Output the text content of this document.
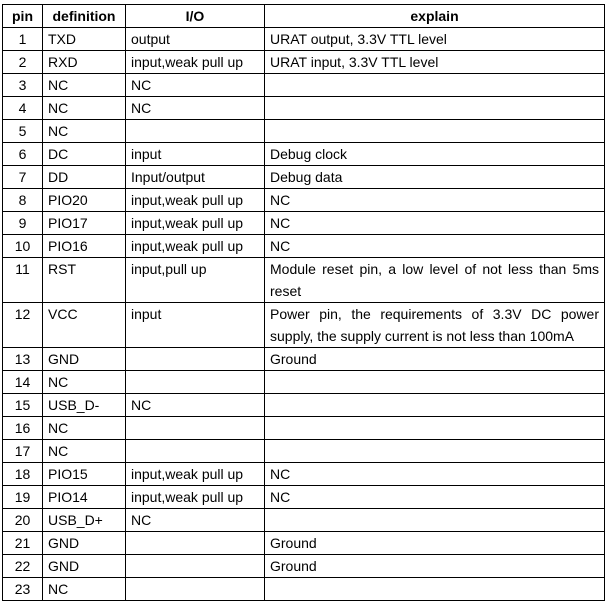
pin	definition	I/O	explain
1	TXD	output	URAT output, 3.3V TTL level
2	RXD	input,weak pull up	URAT input, 3.3V TTL level
3	NC	NC	
4	NC	NC	
5	NC		
6	DC	input	Debug clock
7	DD	Input/output	Debug data
8	PIO20	input,weak pull up	NC
9	PIO17	input,weak pull up	NC
10	PIO16	input,weak pull up	NC
11	RST	input,pull up	Module reset pin, a low level of not less than 5ms reset
12	VCC	input	Power pin, the requirements of 3.3V DC power supply, the supply current is not less than 100mA
13	GND		Ground
14	NC		
15	USB_D-	NC	
16	NC		
17	NC		
18	PIO15	input,weak pull up	NC
19	PIO14	input,weak pull up	NC
20	USB_D+	NC	
21	GND		Ground
22	GND		Ground
23	NC		
